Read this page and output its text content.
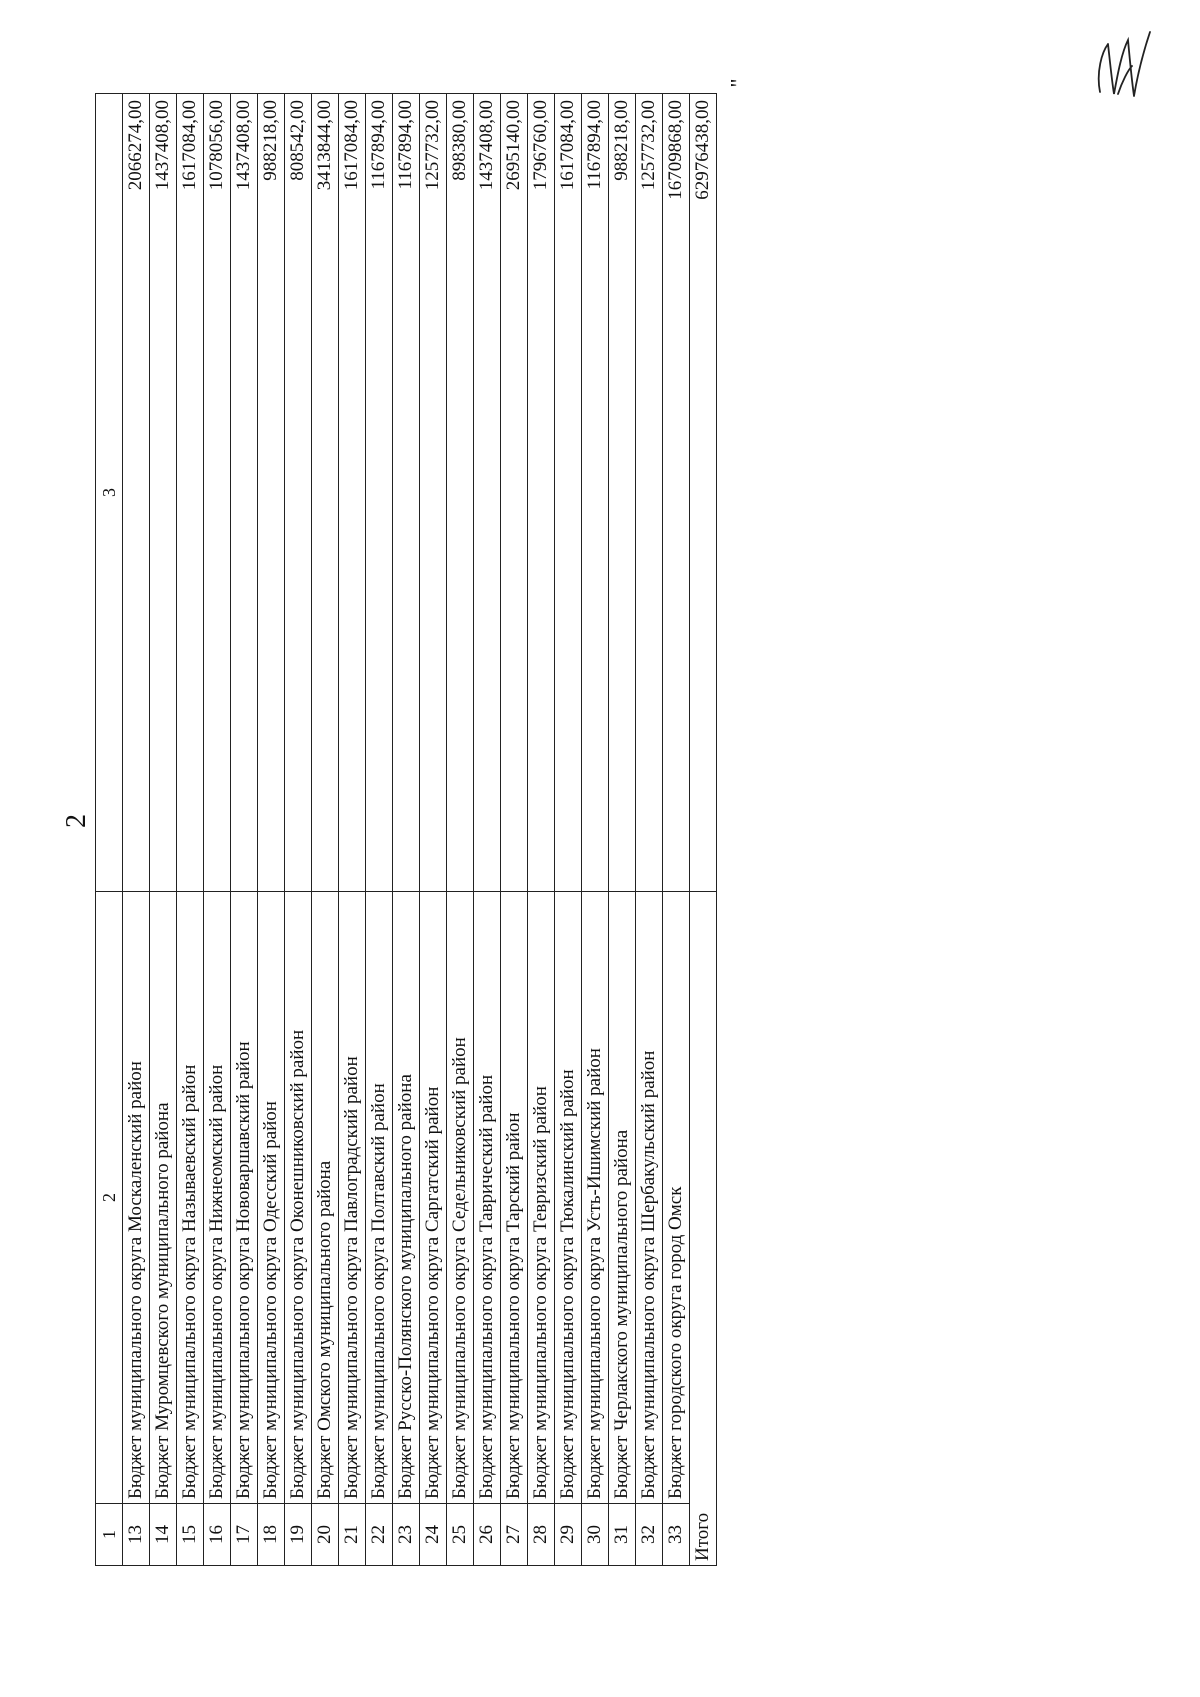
2
"
1	2	3
13	Бюджет муниципального округа Москаленский район	2066274,00
14	Бюджет Муромцевского муниципального района	1437408,00
15	Бюджет муниципального округа Называевский район	1617084,00
16	Бюджет муниципального округа Нижнеомский район	1078056,00
17	Бюджет муниципального округа Нововаршавский район	1437408,00
18	Бюджет муниципального округа Одесский район	988218,00
19	Бюджет муниципального округа Оконешниковский район	808542,00
20	Бюджет Омского муниципального района	3413844,00
21	Бюджет муниципального округа Павлоградский район	1617084,00
22	Бюджет муниципального округа Полтавский район	1167894,00
23	Бюджет Русско-Полянского муниципального района	1167894,00
24	Бюджет муниципального округа Саргатский район	1257732,00
25	Бюджет муниципального округа Седельниковский район	898380,00
26	Бюджет муниципального округа Таврический район	1437408,00
27	Бюджет муниципального округа Тарский район	2695140,00
28	Бюджет муниципального округа Тевризский район	1796760,00
29	Бюджет муниципального округа Тюкалинский район	1617084,00
30	Бюджет муниципального округа Усть-Ишимский район	1167894,00
31	Бюджет Черлакского муниципального района	988218,00
32	Бюджет муниципального округа Шербакульский район	1257732,00
33	Бюджет городского округа город Омск	16709868,00
Итого		62976438,00
